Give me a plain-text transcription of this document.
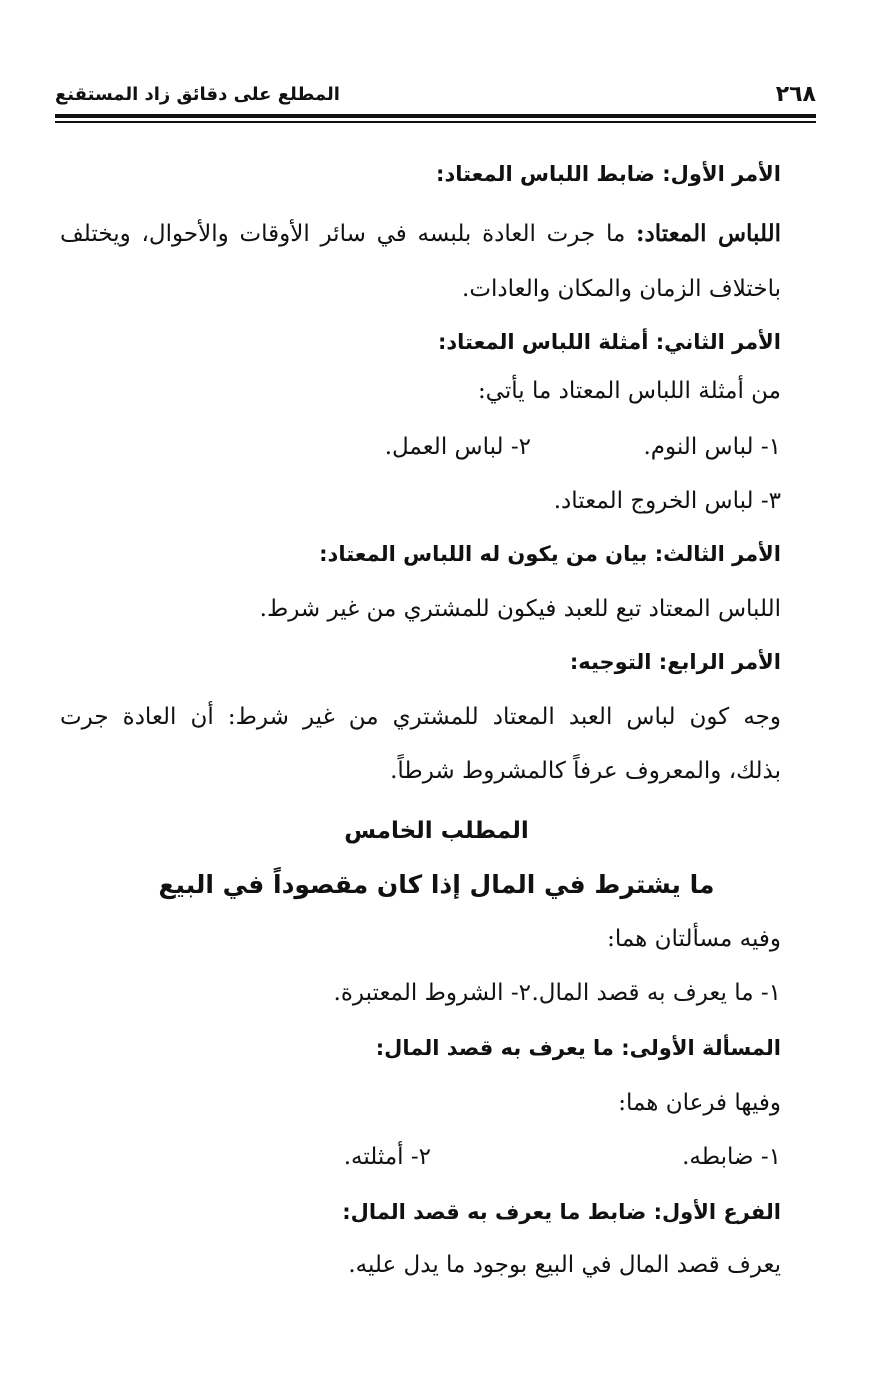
٢٦٨
المطلع على دقائق زاد المستقنع
الأمر الأول: ضابط اللباس المعتاد:
اللباس المعتاد: ما جرت العادة بلبسه في سائر الأوقات والأحوال، ويختلف
باختلاف الزمان والمكان والعادات.
الأمر الثاني: أمثلة اللباس المعتاد:
من أمثلة اللباس المعتاد ما يأتي:
١- لباس النوم.٢- لباس العمل.
٣- لباس الخروج المعتاد.
الأمر الثالث: بيان من يكون له اللباس المعتاد:
اللباس المعتاد تبع للعبد فيكون للمشتري من غير شرط.
الأمر الرابع: التوجيه:
وجه كون لباس العبد المعتاد للمشتري من غير شرط: أن العادة جرت
بذلك، والمعروف عرفاً كالمشروط شرطاً.
المطلب الخامس
ما يشترط في المال إذا كان مقصوداً في البيع
وفيه مسألتان هما:
١- ما يعرف به قصد المال.٢- الشروط المعتبرة.
المسألة الأولى: ما يعرف به قصد المال:
وفيها فرعان هما:
١- ضابطه.٢- أمثلته.
الفرع الأول: ضابط ما يعرف به قصد المال:
يعرف قصد المال في البيع بوجود ما يدل عليه.
